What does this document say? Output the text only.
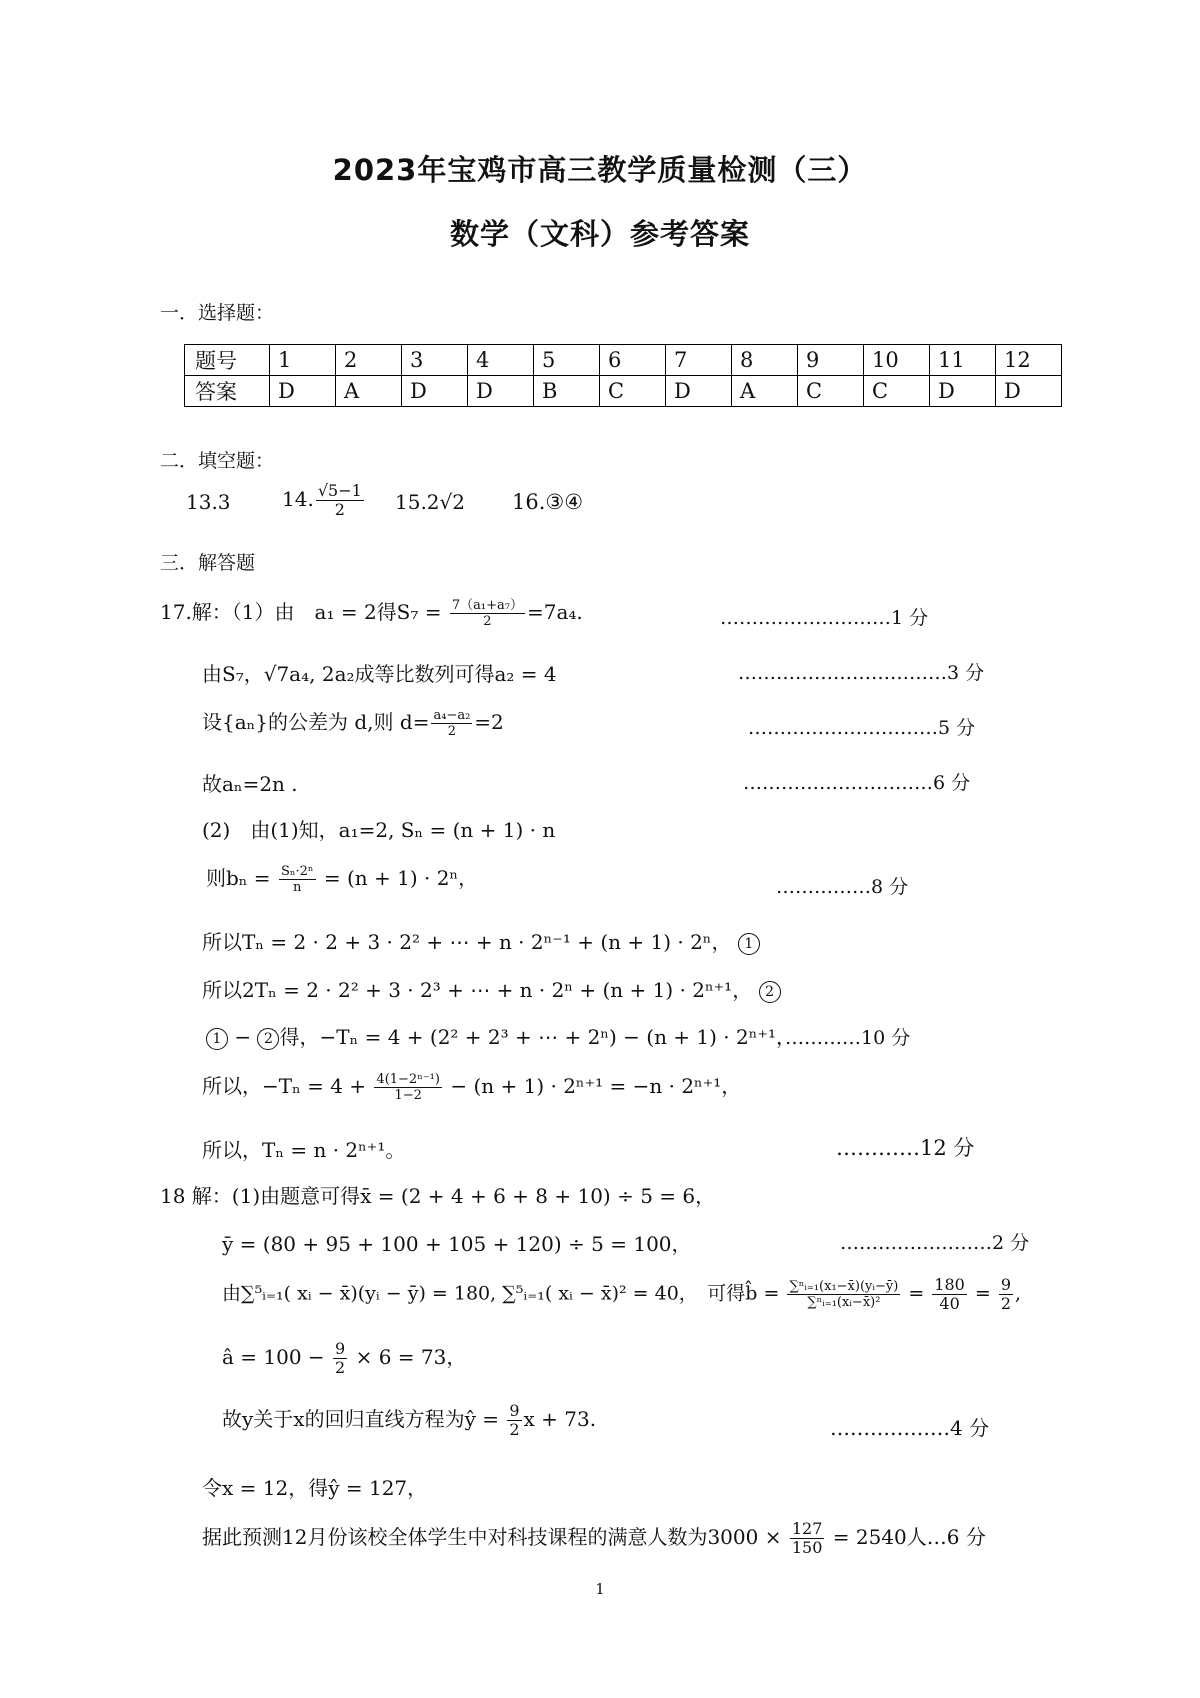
2023年宝鸡市高三教学质量检测（三）
数学（文科）参考答案
一．选择题：
题号	1	2	3	4	5	6	7	8	9	10	11	12
答案	D	A	D	D	B	C	D	A	C	C	D	D
二．填空题：
13.3	14. $\frac{√5-1}{2} 15.2√2$ 16.③④
三．解答题
17.解：（1）由　a₁ = 2得$S_7 = \frac{\text{7（a₁+a₇）}}{2} =7a_4$.	………………………1 分
由S₇，√7a₄, 2a₂成等比数列可得a₂ = 4	……………………………3 分
设{aₙ}的公差为 d,则 $d= \frac{\text{a₄−a₂}}{2} =2$	…………………………5 分
故aₙ=2n .	…………………………6 分
(2)　由(1)知，a₁=2, Sₙ = (n + 1) · n
则$b_n = \frac{\text{Sₙ·2ⁿ}}{n} = (n + 1) \cdot 2^n$，	……………8 分
所以Tₙ = 2 · 2 + 3 · 2² + ⋯ + n · 2ⁿ⁻¹ + (n + 1) · 2ⁿ， 1
所以2Tₙ = 2 · 2² + 3 · 2³ + ⋯ + n · 2ⁿ + (n + 1) · 2ⁿ⁺¹， 2
1 − 2 得，−Tₙ = 4 + (2² + 2³ + ⋯ + 2ⁿ) − (n + 1) · 2ⁿ⁺¹，
…………10 分
所以，$-T_n = 4 + \frac{\text{4(1−2ⁿ⁻¹)}}{1-2} - (n + 1) \cdot 2^{n+1} = -n \cdot 2^{n+1}$，
所以，Tₙ = n · 2ⁿ⁺¹。	…………12 分
18 解：(1)由题意可得x̄ = (2 + 4 + 6 + 8 + 10) ÷ 5 = 6，
ȳ = (80 + 95 + 100 + 105 + 120) ÷ 5 = 100，	……………………2 分
由∑⁵ᵢ₌₁( xᵢ − x̄)(yᵢ − ȳ) = 180, ∑⁵ᵢ₌₁( xᵢ − x̄)² = 40，　可得b̂ = $\frac{\text{∑ⁿᵢ₌₁(x₁−x̄)(yᵢ−ȳ)}}{\text{∑ⁿᵢ₌₁(xᵢ−x̄)²}} = \frac{180}{40} = \frac{9}{2}$ ,
â = $100 - \frac{9}{2} \times 6 = 73$，
故y关于x的回归直线方程为ŷ = $\frac{9}{2}$ x + 73.	………………4 分
令x = 12，得ŷ = 127，
据此预测12月份该校全体学生中对科技课程的满意人数为$3000 \times \frac{127}{150} = 2540$人…6 分
1
